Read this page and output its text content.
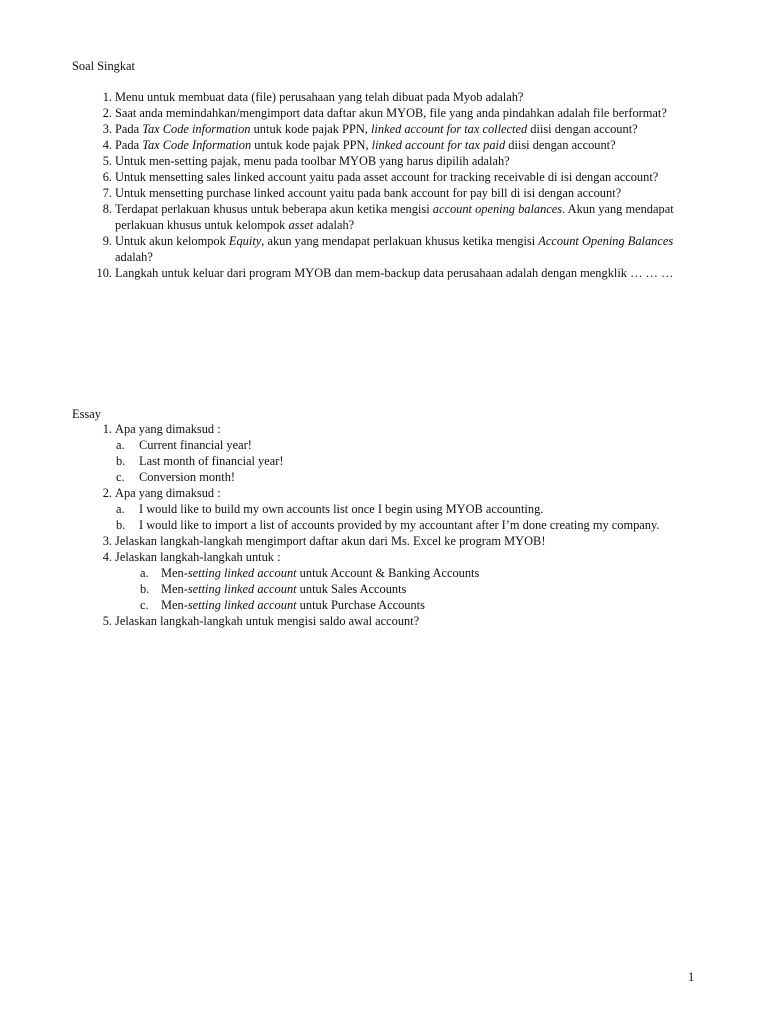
Soal Singkat
1. Menu untuk membuat data (file) perusahaan yang telah dibuat pada Myob adalah?
2. Saat anda memindahkan/mengimport data daftar akun MYOB, file yang anda pindahkan adalah file berformat?
3. Pada Tax Code information untuk kode pajak PPN, linked account for tax collected diisi dengan account?
4. Pada Tax Code Information untuk kode pajak PPN, linked account for tax paid diisi dengan account?
5. Untuk men-setting pajak, menu pada toolbar MYOB yang harus dipilih adalah?
6. Untuk mensetting sales linked account yaitu pada asset account for tracking receivable di isi dengan account?
7. Untuk mensetting purchase linked account yaitu pada bank account for pay bill di isi dengan account?
8. Terdapat perlakuan khusus untuk beberapa akun ketika mengisi account opening balances. Akun yang mendapat perlakuan khusus untuk kelompok asset adalah?
9. Untuk akun kelompok Equity, akun yang mendapat perlakuan khusus ketika mengisi Account Opening Balances adalah?
10. Langkah untuk keluar dari program MYOB dan mem-backup data perusahaan adalah dengan mengklik … … …
Essay
1. Apa yang dimaksud :
a. Current financial year!
b. Last month of financial year!
c. Conversion month!
2. Apa yang dimaksud :
a. I would like to build my own accounts list once I begin using MYOB accounting.
b. I would like to import a list of accounts provided by my accountant after I’m done creating my company.
3. Jelaskan langkah-langkah mengimport daftar akun dari Ms. Excel ke program MYOB!
4. Jelaskan langkah-langkah untuk :
a. Men-setting linked account untuk Account & Banking Accounts
b. Men-setting linked account untuk Sales Accounts
c. Men-setting linked account untuk Purchase Accounts
5. Jelaskan langkah-langkah untuk mengisi saldo awal account?
1
